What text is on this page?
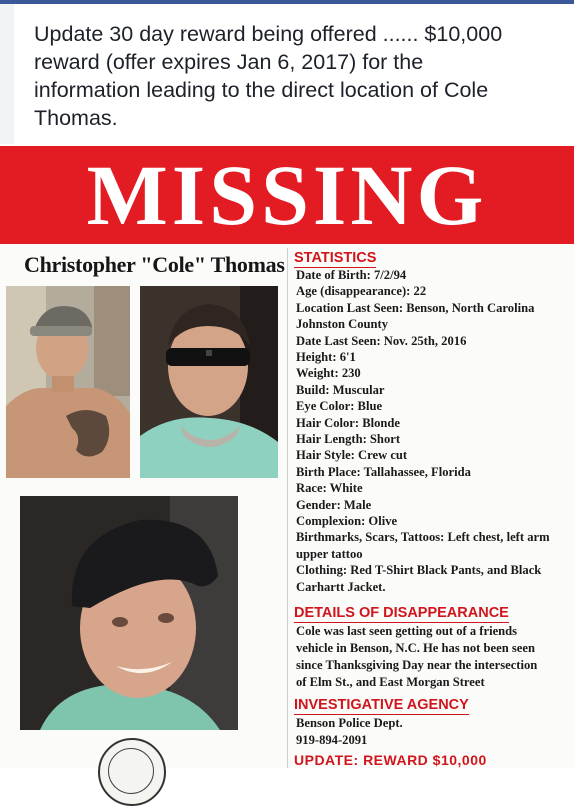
Update 30 day reward being offered ...... $10,000
reward (offer expires Jan 6, 2017) for the
information leading to the direct location of Cole
Thomas.
MISSING
Christopher "Cole" Thomas STATISTICS
Date of Birth: 7/2/94
Age (disappearance): 22
Location Last Seen: Benson, North Carolina
Johnston County
Date Last Seen: Nov. 25th, 2016
Height: 6'1
Weight: 230
Build: Muscular
Eye Color: Blue
Hair Color: Blonde
Hair Length: Short
Hair Style: Crew cut
Birth Place: Tallahassee, Florida
Race: White
Gender: Male
Complexion: Olive
Birthmarks, Scars, Tattoos: Left chest, left arm
upper tattoo
Clothing: Red T-Shirt Black Pants, and Black
Carhartt Jacket.
DETAILS OF DISAPPEARANCE
Cole was last seen getting out of a friends
vehicle in Benson, N.C. He has not been seen
since Thanksgiving Day near the intersection
of Elm St., and East Morgan Street
INVESTIGATIVE AGENCY
Benson Police Dept.
919-894-2091
UPDATE: REWARD $10,000
